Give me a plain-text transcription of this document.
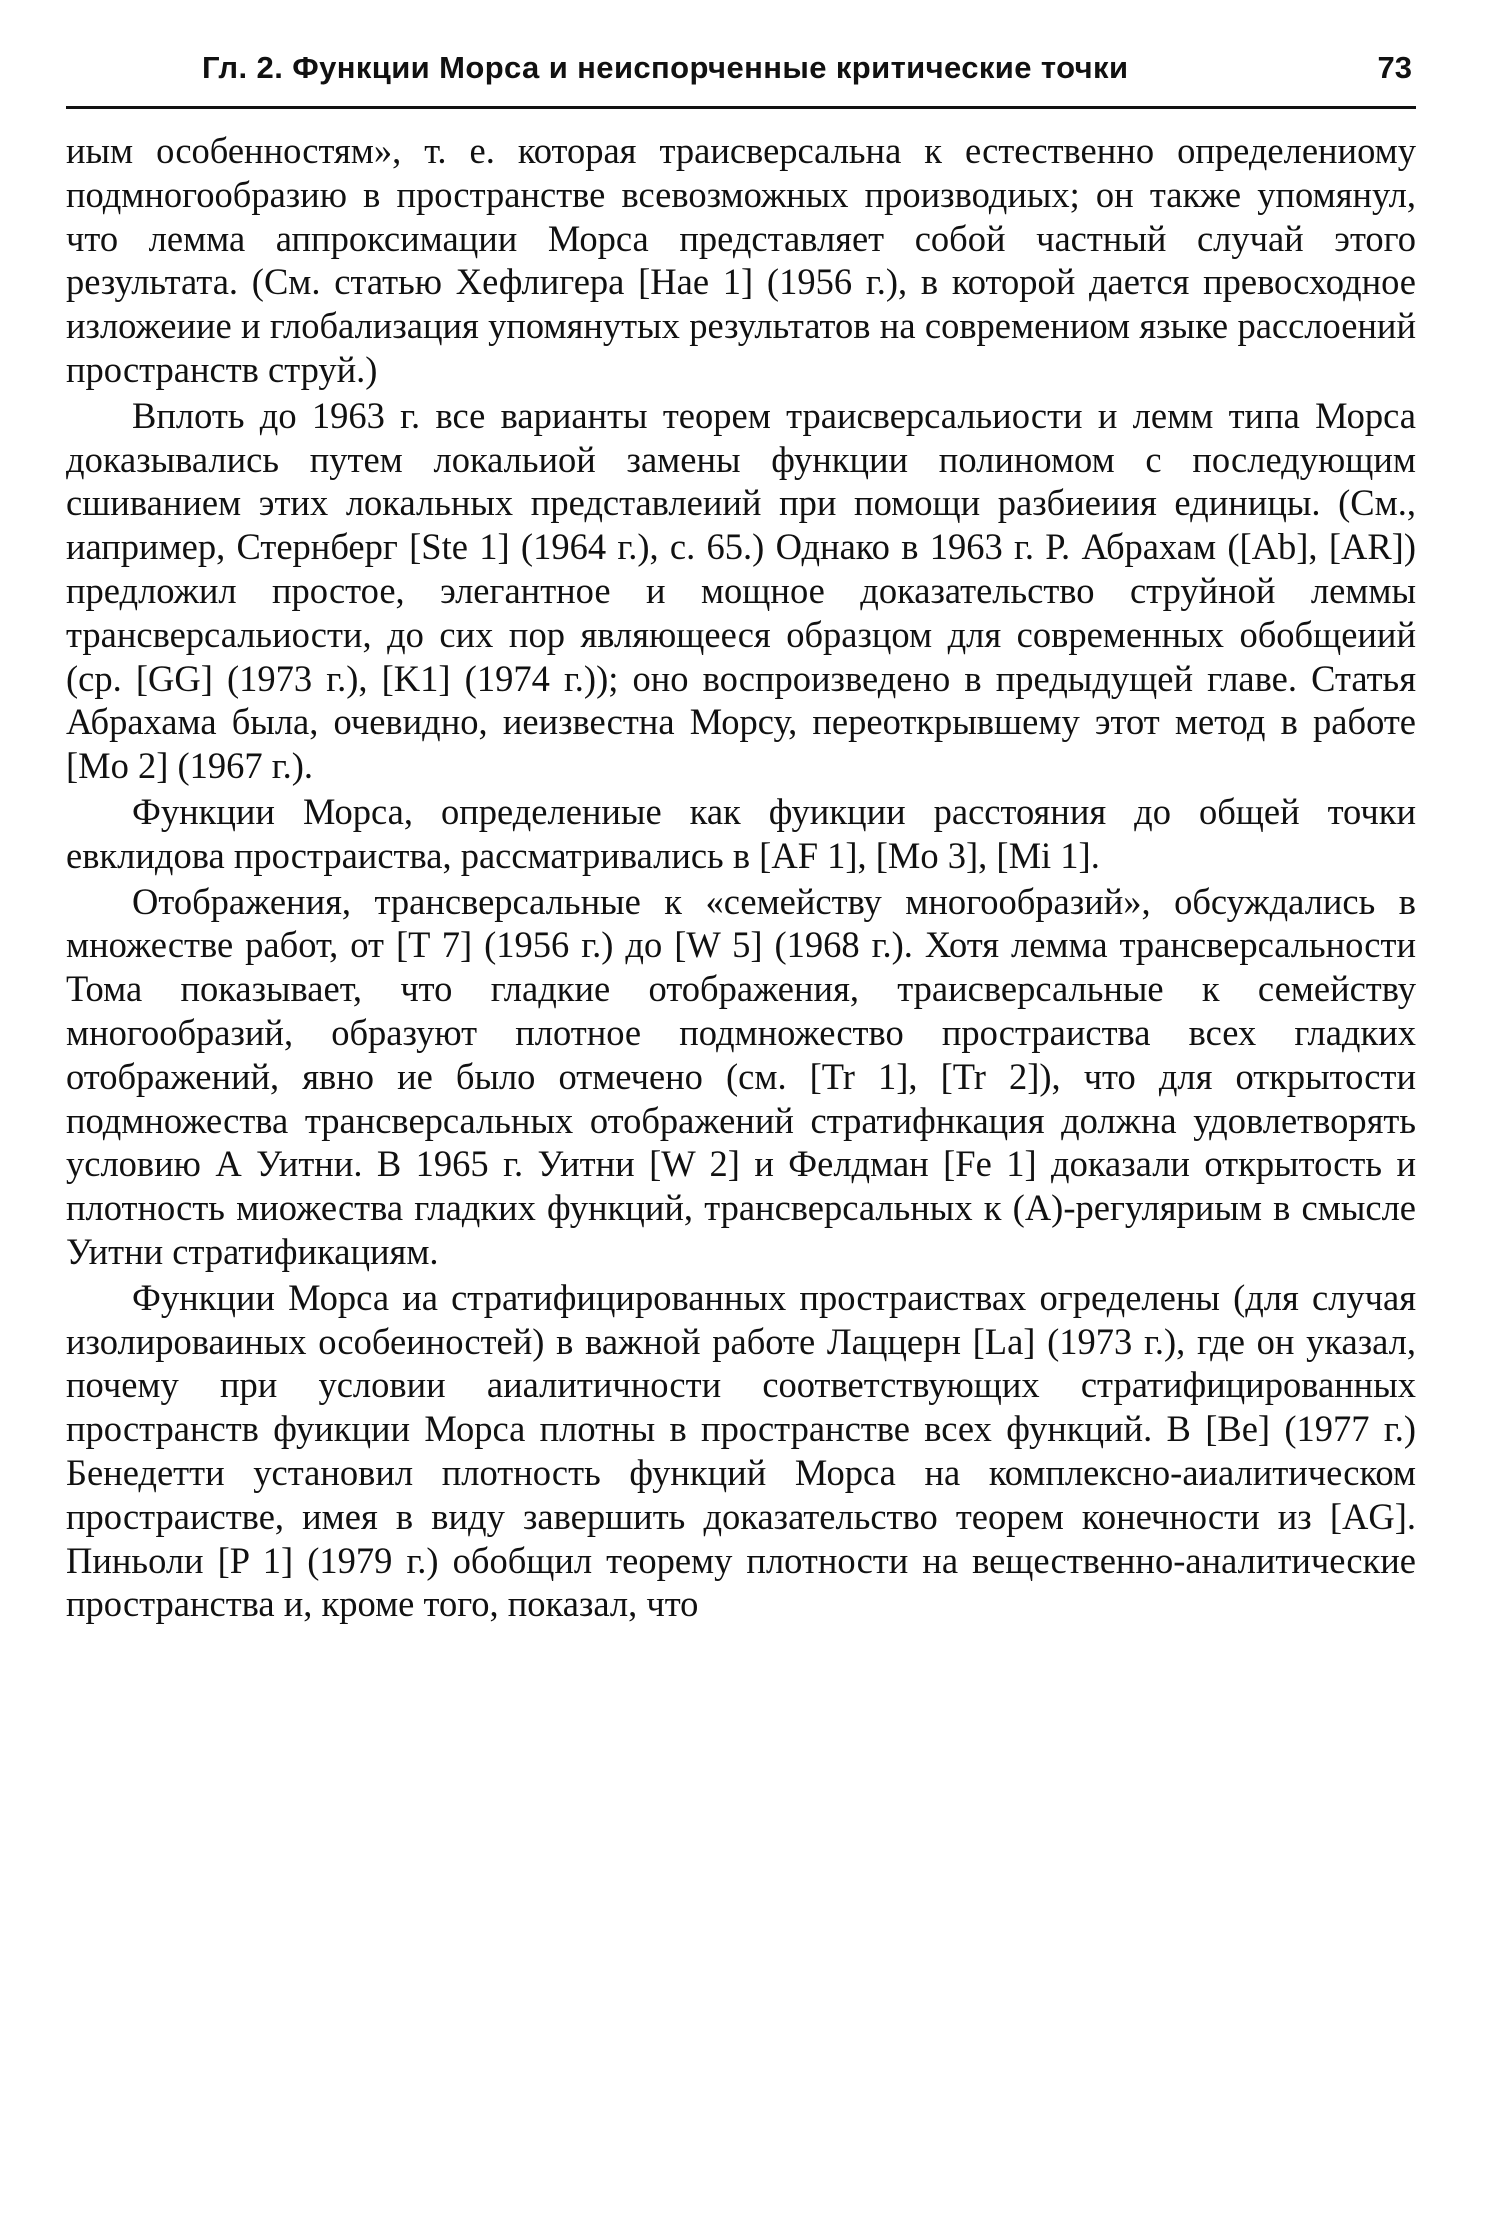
Гл. 2. Функции Морса и неиспорченные критические точки	73

иым особенностям», т. е. которая траисверсальна к естественно определениому подмногообразию в пространстве всевозможных производиых; он также упомянул, что лемма аппроксимации Морса представляет собой частный случай этого результата. (См. статью Хефлигера [Hae 1] (1956 г.), в которой дается превосходное изложеиие и глобализация упомянутых результатов на современиом языке расслоений пространств струй.)

Вплоть до 1963 г. все варианты теорем траисверсальиости и лемм типа Морса доказывались путем локальиой замены функции полиномом с последующим сшиванием этих локальных представлеиий при помощи разбиеиия единицы. (См., иапример, Стернберг [Ste 1] (1964 г.), с. 65.) Однако в 1963 г. Р. Абрахам ([Ab], [AR]) предложил простое, элегантное и мощное доказательство струйной леммы трансверсальиости, до сих пор являющееся образцом для современных обобщеиий (ср. [GG] (1973 г.), [K1] (1974 г.)); оно воспроизведено в предыдущей главе. Статья Абрахама была, очевидно, иеизвестна Морсу, переоткрывшему этот метод в работе [Mo 2] (1967 г.).

Функции Морса, определениые как фуикции расстояния до общей точки евклидова простраиства, рассматривались в [AF 1], [Mo 3], [Mi 1].

Отображения, трансверсальные к «семейству многообразий», обсуждались в множестве работ, от [T 7] (1956 г.) до [W 5] (1968 г.). Хотя лемма трансверсальности Тома показывает, что гладкие отображения, траисверсальные к семейству многообразий, образуют плотное подмножество простраиства всех гладких отображений, явно ие было отмечено (см. [Tr 1], [Tr 2]), что для открытости подмножества трансверсальных отображений стратифнкация должна удовлетворять условию А Уитни. В 1965 г. Уитни [W 2] и Фелдман [Fe 1] доказали открытость и плотность миожества гладких функций, трансверсальных к (A)-регуляриым в смысле Уитни стратификациям.

Функции Морса иа стратифицированных простраиствах огределены (для случая изолироваиных особеиностей) в важной работе Лаццерн [La] (1973 г.), где он указал, почему при условии аиалитичности соответствующих стратифицированных пространств фуикции Морса плотны в пространстве всех функций. В [Be] (1977 г.) Бенедетти установил плотность функций Морса на комплексно-аиалитическом простраистве, имея в виду завершить доказательство теорем конечности из [AG]. Пиньоли [P 1] (1979 г.) обобщил теорему плотности на вещественно-аналитические пространства и, кроме того, показал, что
